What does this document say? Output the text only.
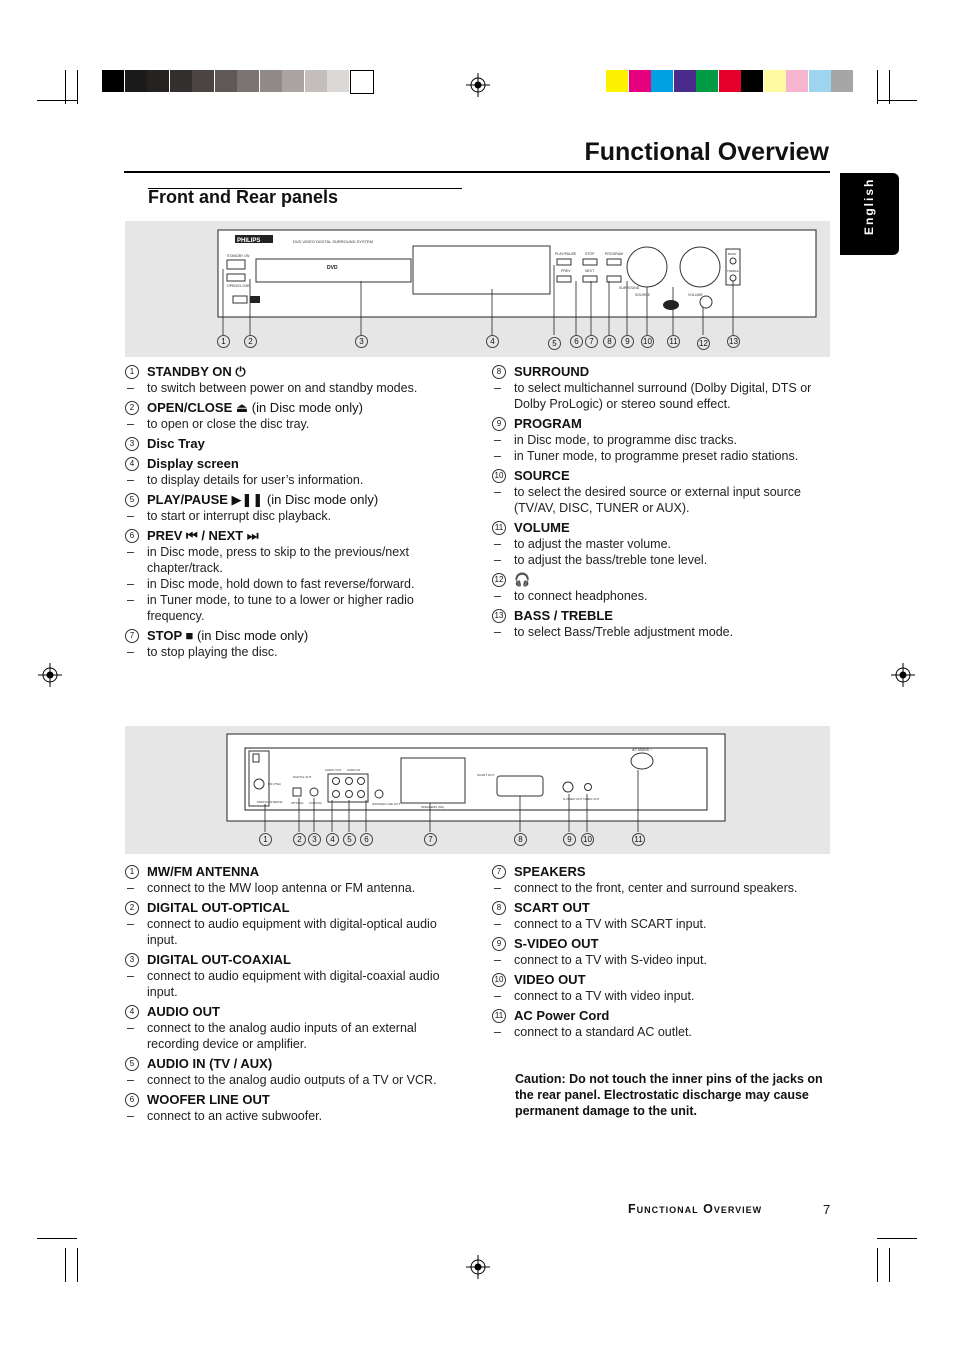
Functional Overview
Front and Rear panels	English
PHILIPS	DVD VIDEO DIGITAL SURROUND SYSTEM
STANDBY ON
OPEN/CLOSE
DVD
PLAY/PAUSE STOP	PROGRAM
PREV	NEXT
SURROUND
SOURCE	VOLUME
BASS
TREBLE
1	2	3	4	5	6	7	8	9	10 11	12	13
FM (75Ω)
MW/FM ANTENNA
DIGITAL OUT
OPTICAL COAXIAL
AUDIO OUT AUDIO IN
WOOFER LINE OUT
SPEAKERS (6Ω)
SCART OUT
S-VIDEO OUT VIDEO OUT
AC MAINS ~
1	2	3	4	5	6	7	8	9	10	11
1 STANDBY ON ⏻
– to switch between power on and standby modes.
2 OPEN/CLOSE ⏏ (in Disc mode only)
– to open or close the disc tray.
3 Disc Tray
4 Display screen
– to display details for user’s information.
5 PLAY/PAUSE ▶❚❚ (in Disc mode only)
– to start or interrupt disc playback.
6 PREV ⏮ / NEXT ⏭
– in Disc mode, press to skip to the previous/next chapter/track.
– in Disc mode, hold down to fast reverse/forward.
– in Tuner mode, to tune to a lower or higher radio frequency.
7 STOP ■ (in Disc mode only)
– to stop playing the disc.
8 SURROUND
– to select multichannel surround (Dolby Digital, DTS or Dolby ProLogic) or stereo sound effect.
9 PROGRAM
– in Disc mode, to programme disc tracks.
– in Tuner mode, to programme preset radio stations.
10 SOURCE
– to select the desired source or external input source (TV/AV, DISC, TUNER or AUX).
11 VOLUME
– to adjust the master volume.
– to adjust the bass/treble tone level.
12 🎧
– to connect headphones.
13 BASS / TREBLE
– to select Bass/Treble adjustment mode.
1 MW/FM ANTENNA
– connect to the MW loop antenna or FM antenna.
2 DIGITAL OUT-OPTICAL
– connect to audio equipment with digital-optical audio input.
3 DIGITAL OUT-COAXIAL
– connect to audio equipment with digital-coaxial audio input.
4 AUDIO OUT
– connect to the analog audio inputs of an external recording device or amplifier.
5 AUDIO IN (TV / AUX)
– connect to the analog audio outputs of a TV or VCR.
6 WOOFER LINE OUT
– connect to an active subwoofer.
7 SPEAKERS
– connect to the front, center and surround speakers.
8 SCART OUT
– connect to a TV with SCART input.
9 S-VIDEO OUT
– connect to a TV with S-video input.
10 VIDEO OUT
– connect to a TV with video input.
11 AC Power Cord
– connect to a standard AC outlet.
Caution: Do not touch the inner pins of the jacks on the rear panel. Electrostatic discharge may cause permanent damage to the unit.
Functional Overview	7
